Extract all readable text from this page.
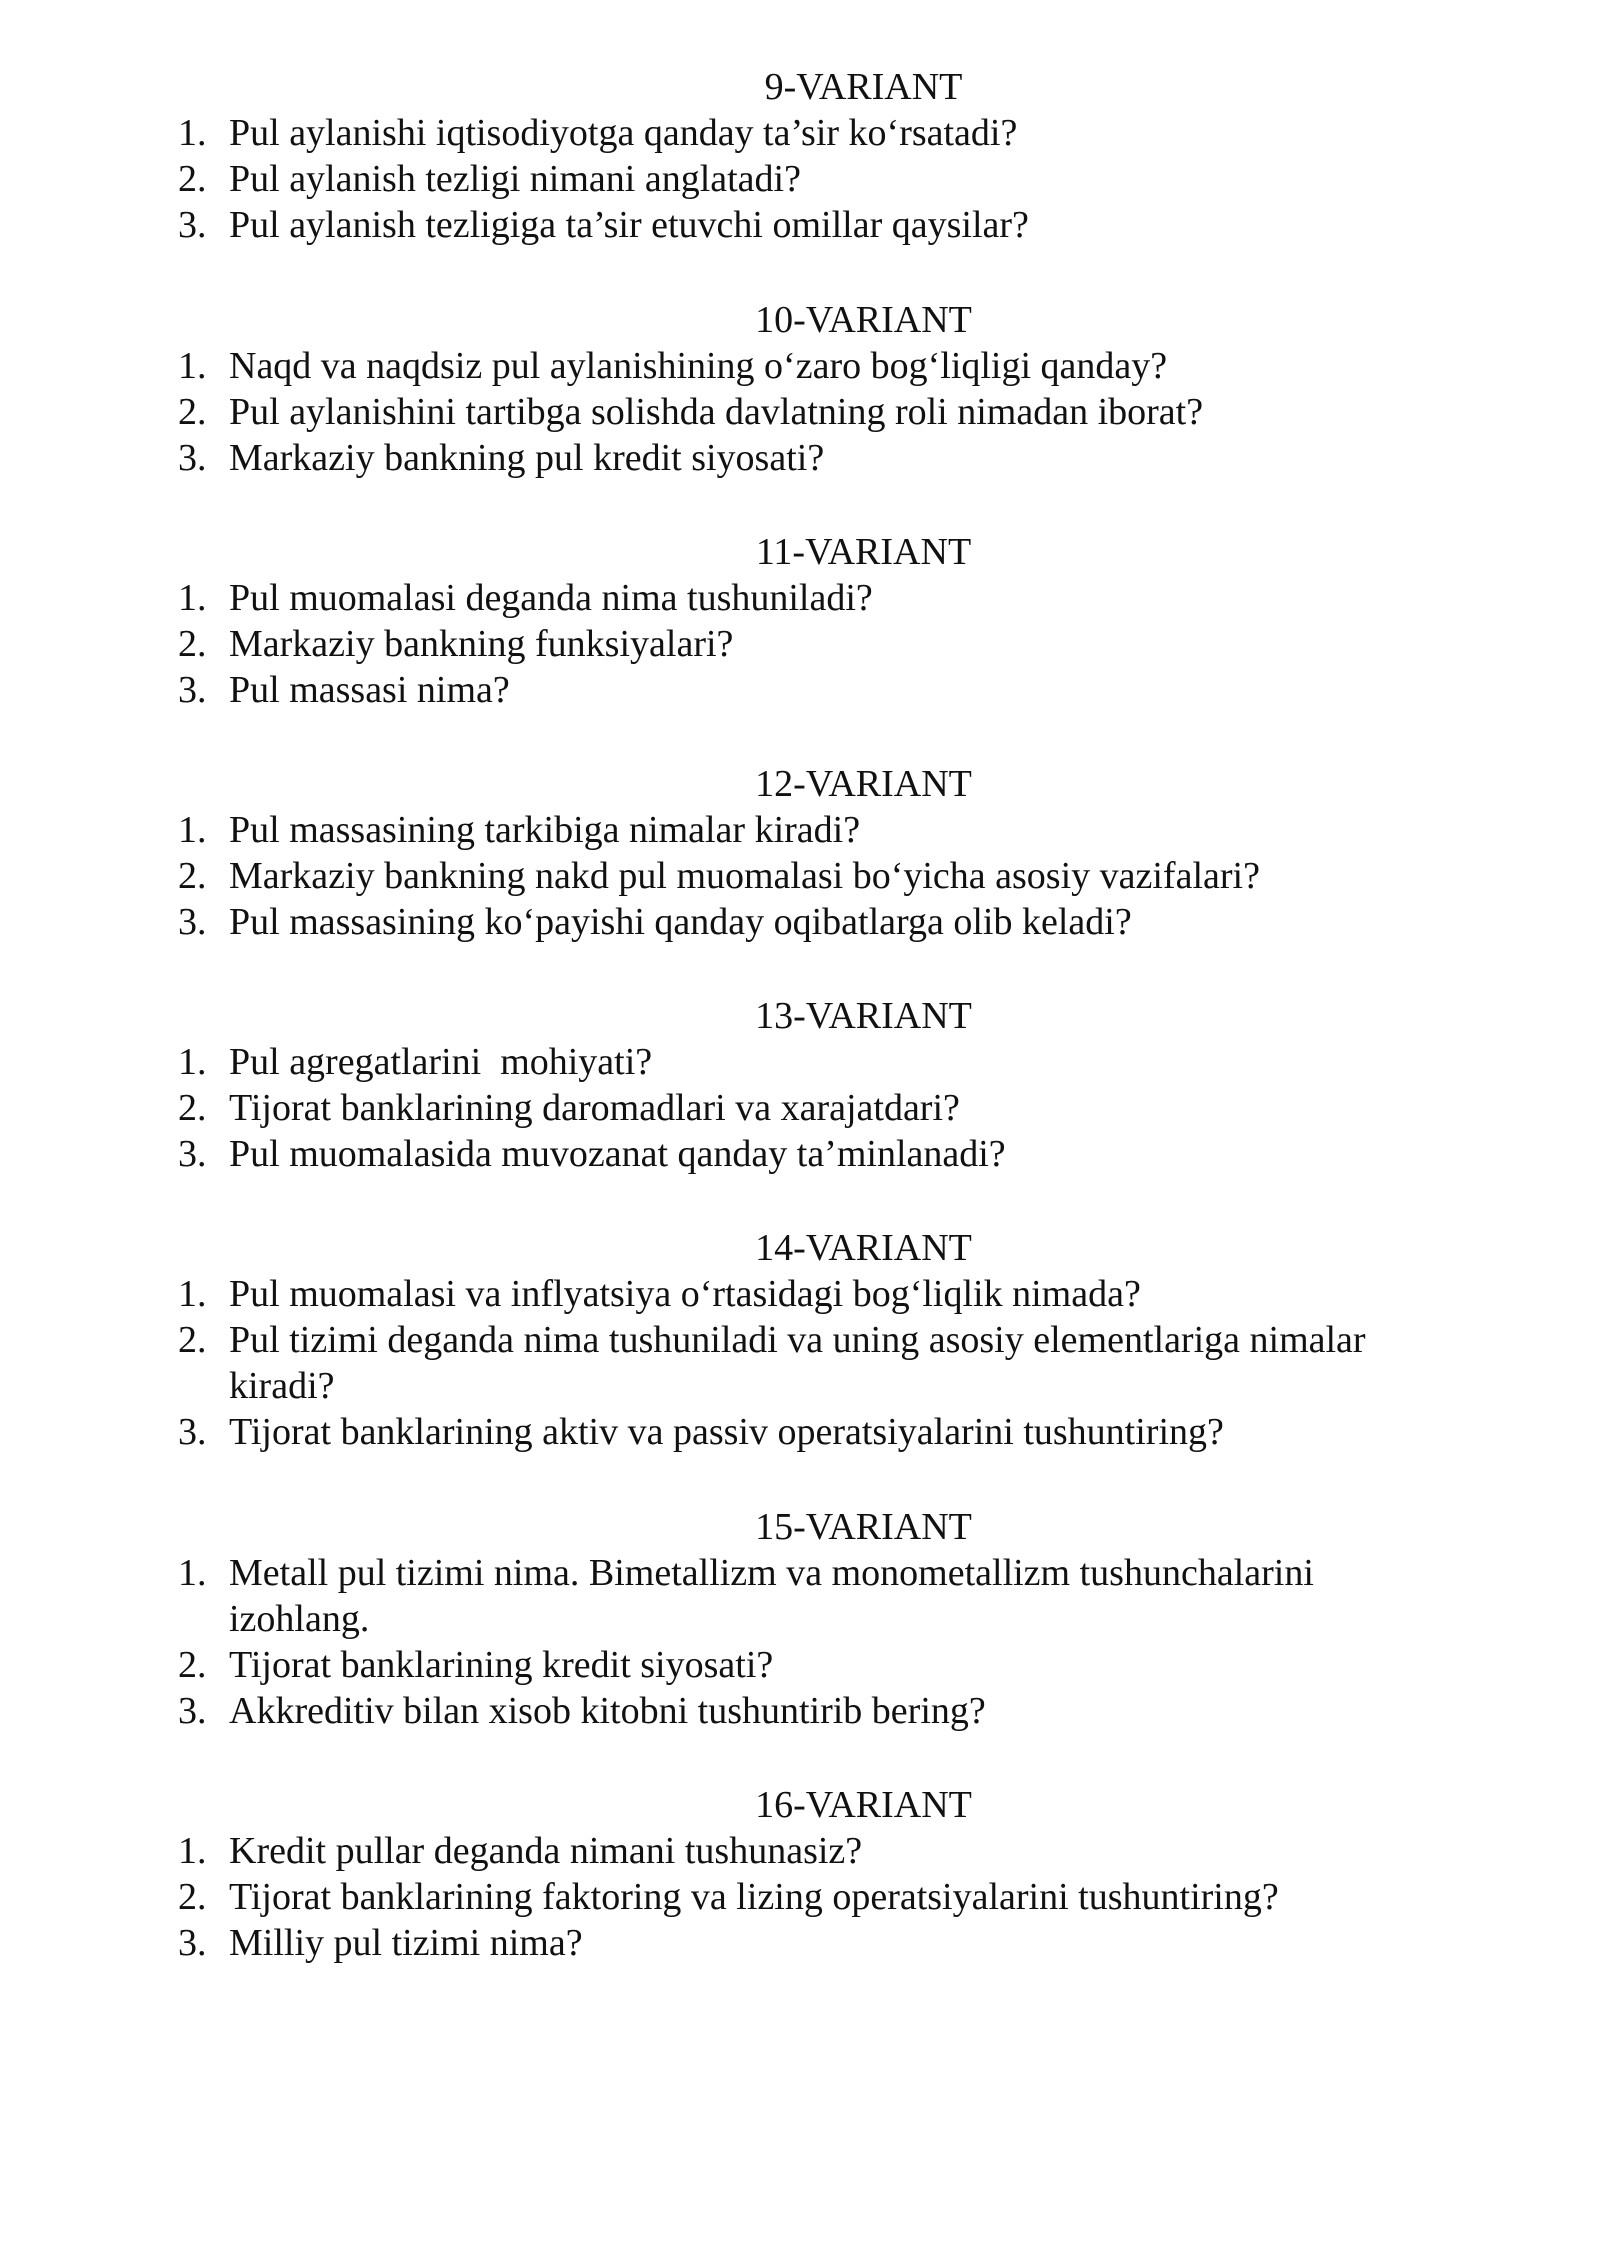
9-VARIANT
1. Pul aylanishi iqtisodiyotga qanday ta’sir ko‘rsatadi?
2. Pul aylanish tezligi nimani anglatadi?
3. Pul aylanish tezligiga ta’sir etuvchi omillar qaysilar?
10-VARIANT
1. Naqd va naqdsiz pul aylanishining o‘zaro bog‘liqligi qanday?
2. Pul aylanishini tartibga solishda davlatning roli nimadan iborat?
3. Markaziy bankning pul kredit siyosati?
11-VARIANT
1. Pul muomalasi deganda nima tushuniladi?
2. Markaziy bankning funksiyalari?
3. Pul massasi nima?
12-VARIANT
1. Pul massasining tarkibiga nimalar kiradi?
2. Markaziy bankning nakd pul muomalasi bo‘yicha asosiy vazifalari?
3. Pul massasining ko‘payishi qanday oqibatlarga olib keladi?
13-VARIANT
1. Pul agregatlarini  mohiyati?
2. Tijorat banklarining daromadlari va xarajatdari?
3. Pul muomalasida muvozanat qanday ta’minlanadi?
14-VARIANT
1. Pul muomalasi va inflyatsiya o‘rtasidagi bog‘liqlik nimada?
2. Pul tizimi deganda nima tushuniladi va uning asosiy elementlariga nimalar kiradi?
3. Tijorat banklarining aktiv va passiv operatsiyalarini tushuntiring?
15-VARIANT
1. Metall pul tizimi nima. Bimetallizm va monometallizm tushunchalarini izohlang.
2. Tijorat banklarining kredit siyosati?
3. Akkreditiv bilan xisob kitobni tushuntirib bering?
16-VARIANT
1. Kredit pullar deganda nimani tushunasiz?
2. Tijorat banklarining faktoring va lizing operatsiyalarini tushuntiring?
3. Milliy pul tizimi nima?
